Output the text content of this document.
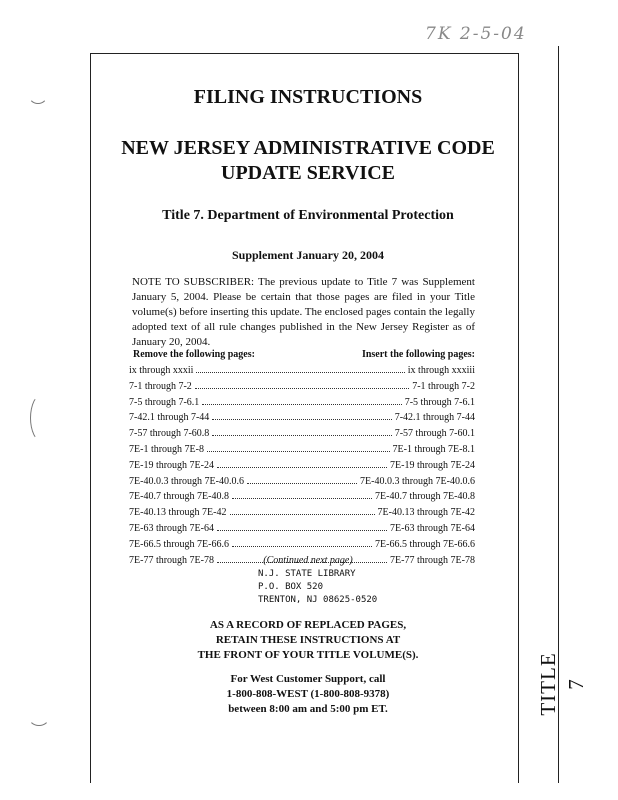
7K 2-5-04
TITLE 7
FILING INSTRUCTIONS
NEW JERSEY ADMINISTRATIVE CODE
UPDATE SERVICE
Title 7. Department of Environmental Protection
Supplement January 20, 2004
NOTE TO SUBSCRIBER: The previous update to Title 7 was Supplement January 5, 2004. Please be certain that those pages are filed in your Title volume(s) before inserting this update. The enclosed pages contain the legally adopted text of all rule changes published in the New Jersey Register as of January 20, 2004.
Remove the following pages:	Insert the following pages:
ix through xxxii	ix through xxxiii
7-1 through 7-2	7-1 through 7-2
7-5 through 7-6.1	7-5 through 7-6.1
7-42.1 through 7-44	7-42.1 through 7-44
7-57 through 7-60.8	7-57 through 7-60.1
7E-1 through 7E-8	7E-1 through 7E-8.1
7E-19 through 7E-24	7E-19 through 7E-24
7E-40.0.3 through 7E-40.0.6	7E-40.0.3 through 7E-40.0.6
7E-40.7 through 7E-40.8	7E-40.7 through 7E-40.8
7E-40.13 through 7E-42	7E-40.13 through 7E-42
7E-63 through 7E-64	7E-63 through 7E-64
7E-66.5 through 7E-66.6	7E-66.5 through 7E-66.6
7E-77 through 7E-78	7E-77 through 7E-78
(Continued next page)
N.J. STATE LIBRARY
P.O. BOX 520
TRENTON, NJ 08625-0520
AS A RECORD OF REPLACED PAGES,
RETAIN THESE INSTRUCTIONS AT
THE FRONT OF YOUR TITLE VOLUME(S).
For West Customer Support, call
1-800-808-WEST (1-800-808-9378)
between 8:00 am and 5:00 pm ET.
